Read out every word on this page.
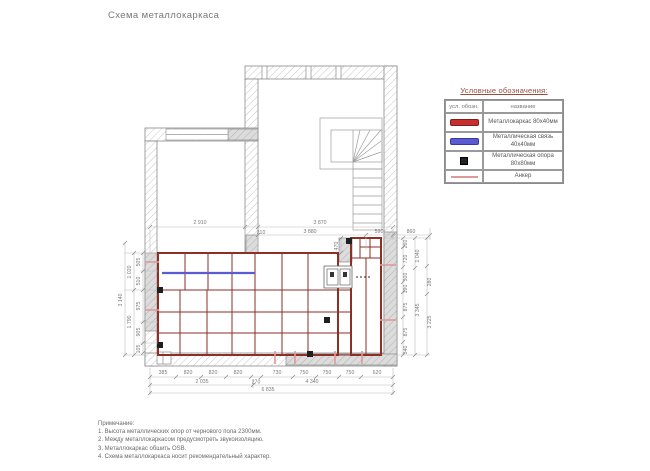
Схема металлокаркаса
2 910
210
3 870
3 880	590	860
470
505
510
975
905
105
1 020
1 790
3 140
260
720
300
190
875
875
340
1 040
3 345
280
3 225
385	820	820	820
270
730	750	750	750	620
2 035	4 340
6 835
Условные обозначения:
усл. обозн.	название
Металлокаркас 80х40мм
Металлическая связь 40х40мм
Металлическая опора 80х80мм
Анкер
Примечание:
1. Высота металлических опор от чернового пола 2300мм.
2. Между металлокаркасом предусмотреть звукоизоляцию.
3. Металлокаркас обшить OSB.
4. Схема металлокаркаса носит рекомендательный характер.
